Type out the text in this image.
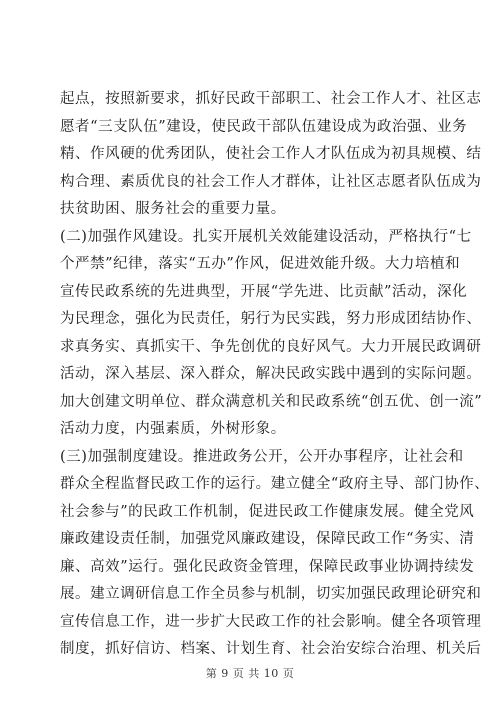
起点，按照新要求，抓好民政干部职工、社会工作人才、社区志
愿者“三支队伍”建设，使民政干部队伍建设成为政治强、业务
精、作风硬的优秀团队，使社会工作人才队伍成为初具规模、结
构合理、素质优良的社会工作人才群体，让社区志愿者队伍成为
扶贫助困、服务社会的重要力量。
(二)加强作风建设。扎实开展机关效能建设活动，严格执行“七
个严禁”纪律，落实“五办”作风，促进效能升级。大力培植和
宣传民政系统的先进典型，开展“学先进、比贡献”活动，深化
为民理念，强化为民责任，躬行为民实践，努力形成团结协作、
求真务实、真抓实干、争先创优的良好风气。大力开展民政调研
活动，深入基层、深入群众，解决民政实践中遇到的实际问题。
加大创建文明单位、群众满意机关和民政系统“创五优、创一流”
活动力度，内强素质，外树形象。
(三)加强制度建设。推进政务公开，公开办事程序，让社会和
群众全程监督民政工作的运行。建立健全“政府主导、部门协作、
社会参与”的民政工作机制，促进民政工作健康发展。健全党风
廉政建设责任制，加强党风廉政建设，保障民政工作“务实、清
廉、高效”运行。强化民政资金管理，保障民政事业协调持续发
展。建立调研信息工作全员参与机制，切实加强民政理论研究和
宣传信息工作，进一步扩大民政工作的社会影响。健全各项管理
制度，抓好信访、档案、计划生育、社会治安综合治理、机关后
第 9 页 共 10 页
